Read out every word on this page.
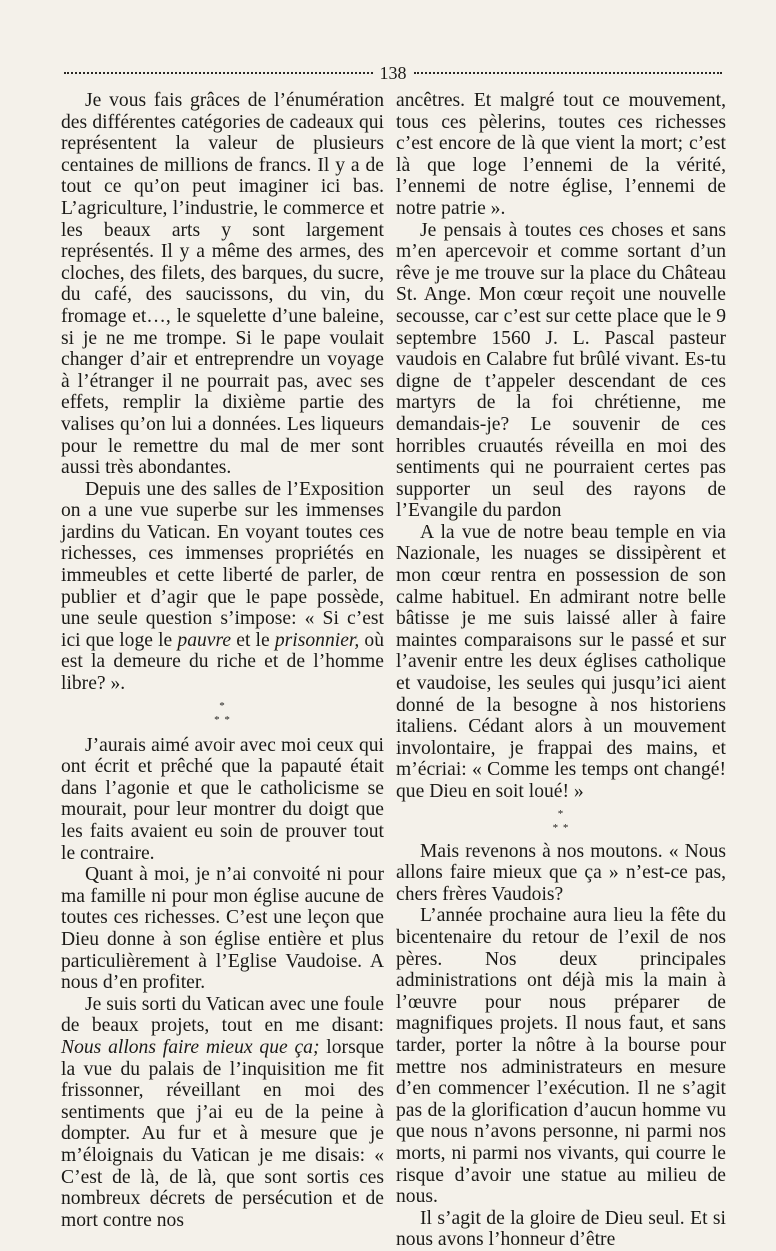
138

Je vous fais grâces de l’énumération des différentes catégories de cadeaux qui représentent la valeur de plusieurs centaines de millions de francs. Il y a de tout ce qu’on peut imaginer ici bas. L’agriculture, l’industrie, le commerce et les beaux arts y sont largement représentés. Il y a même des armes, des cloches, des filets, des barques, du sucre, du café, des saucissons, du vin, du fromage et…, le squelette d’une baleine, si je ne me trompe. Si le pape voulait changer d’air et entreprendre un voyage à l’étranger il ne pourrait pas, avec ses effets, remplir la dixième partie des valises qu’on lui a données. Les liqueurs pour le remettre du mal de mer sont aussi très abondantes.

Depuis une des salles de l’Exposition on a une vue superbe sur les immenses jardins du Vatican. En voyant toutes ces richesses, ces immenses propriétés en immeubles et cette liberté de parler, de publier et d’agir que le pape possède, une seule question s’impose: « Si c’est ici que loge le pauvre et le prisonnier, où est la demeure du riche et de l’homme libre? ».

*
* *

J’aurais aimé avoir avec moi ceux qui ont écrit et prêché que la papauté était dans l’agonie et que le catholicisme se mourait, pour leur montrer du doigt que les faits avaient eu soin de prouver tout le contraire.

Quant à moi, je n’ai convoité ni pour ma famille ni pour mon église aucune de toutes ces richesses. C’est une leçon que Dieu donne à son église entière et plus particulièrement à l’Eglise Vaudoise. A nous d’en profiter.

Je suis sorti du Vatican avec une foule de beaux projets, tout en me disant: Nous allons faire mieux que ça; lorsque la vue du palais de l’inquisition me fit frissonner, réveillant en moi des sentiments que j’ai eu de la peine à dompter. Au fur et à mesure que je m’éloignais du Vatican je me disais: « C’est de là, de là, que sont sortis ces nombreux décrets de persécution et de mort contre nos

ancêtres. Et malgré tout ce mouvement, tous ces pèlerins, toutes ces richesses c’est encore de là que vient la mort; c’est là que loge l’ennemi de la vérité, l’ennemi de notre église, l’ennemi de notre patrie ».

Je pensais à toutes ces choses et sans m’en apercevoir et comme sortant d’un rêve je me trouve sur la place du Château St. Ange. Mon cœur reçoit une nouvelle secousse, car c’est sur cette place que le 9 septembre 1560 J. L. Pascal pasteur vaudois en Calabre fut brûlé vivant. Es-tu digne de t’appeler descendant de ces martyrs de la foi chrétienne, me demandais-je? Le souvenir de ces horribles cruautés réveilla en moi des sentiments qui ne pourraient certes pas supporter un seul des rayons de l’Evangile du pardon

A la vue de notre beau temple en via Nazionale, les nuages se dissipèrent et mon cœur rentra en possession de son calme habituel. En admirant notre belle bâtisse je me suis laissé aller à faire maintes comparaisons sur le passé et sur l’avenir entre les deux églises catholique et vaudoise, les seules qui jusqu’ici aient donné de la besogne à nos historiens italiens. Cédant alors à un mouvement involontaire, je frappai des mains, et m’écriai: « Comme les temps ont changé! que Dieu en soit loué! »

*
* *

Mais revenons à nos moutons. « Nous allons faire mieux que ça » n’est-ce pas, chers frères Vaudois?

L’année prochaine aura lieu la fête du bicentenaire du retour de l’exil de nos pères. Nos deux principales administrations ont déjà mis la main à l’œuvre pour nous préparer de magnifiques projets. Il nous faut, et sans tarder, porter la nôtre à la bourse pour mettre nos administrateurs en mesure d’en commencer l’exécution. Il ne s’agit pas de la glorification d’aucun homme vu que nous n’avons personne, ni parmi nos morts, ni parmi nos vivants, qui courre le risque d’avoir une statue au milieu de nous.

Il s’agit de la gloire de Dieu seul. Et si nous avons l’honneur d’être
